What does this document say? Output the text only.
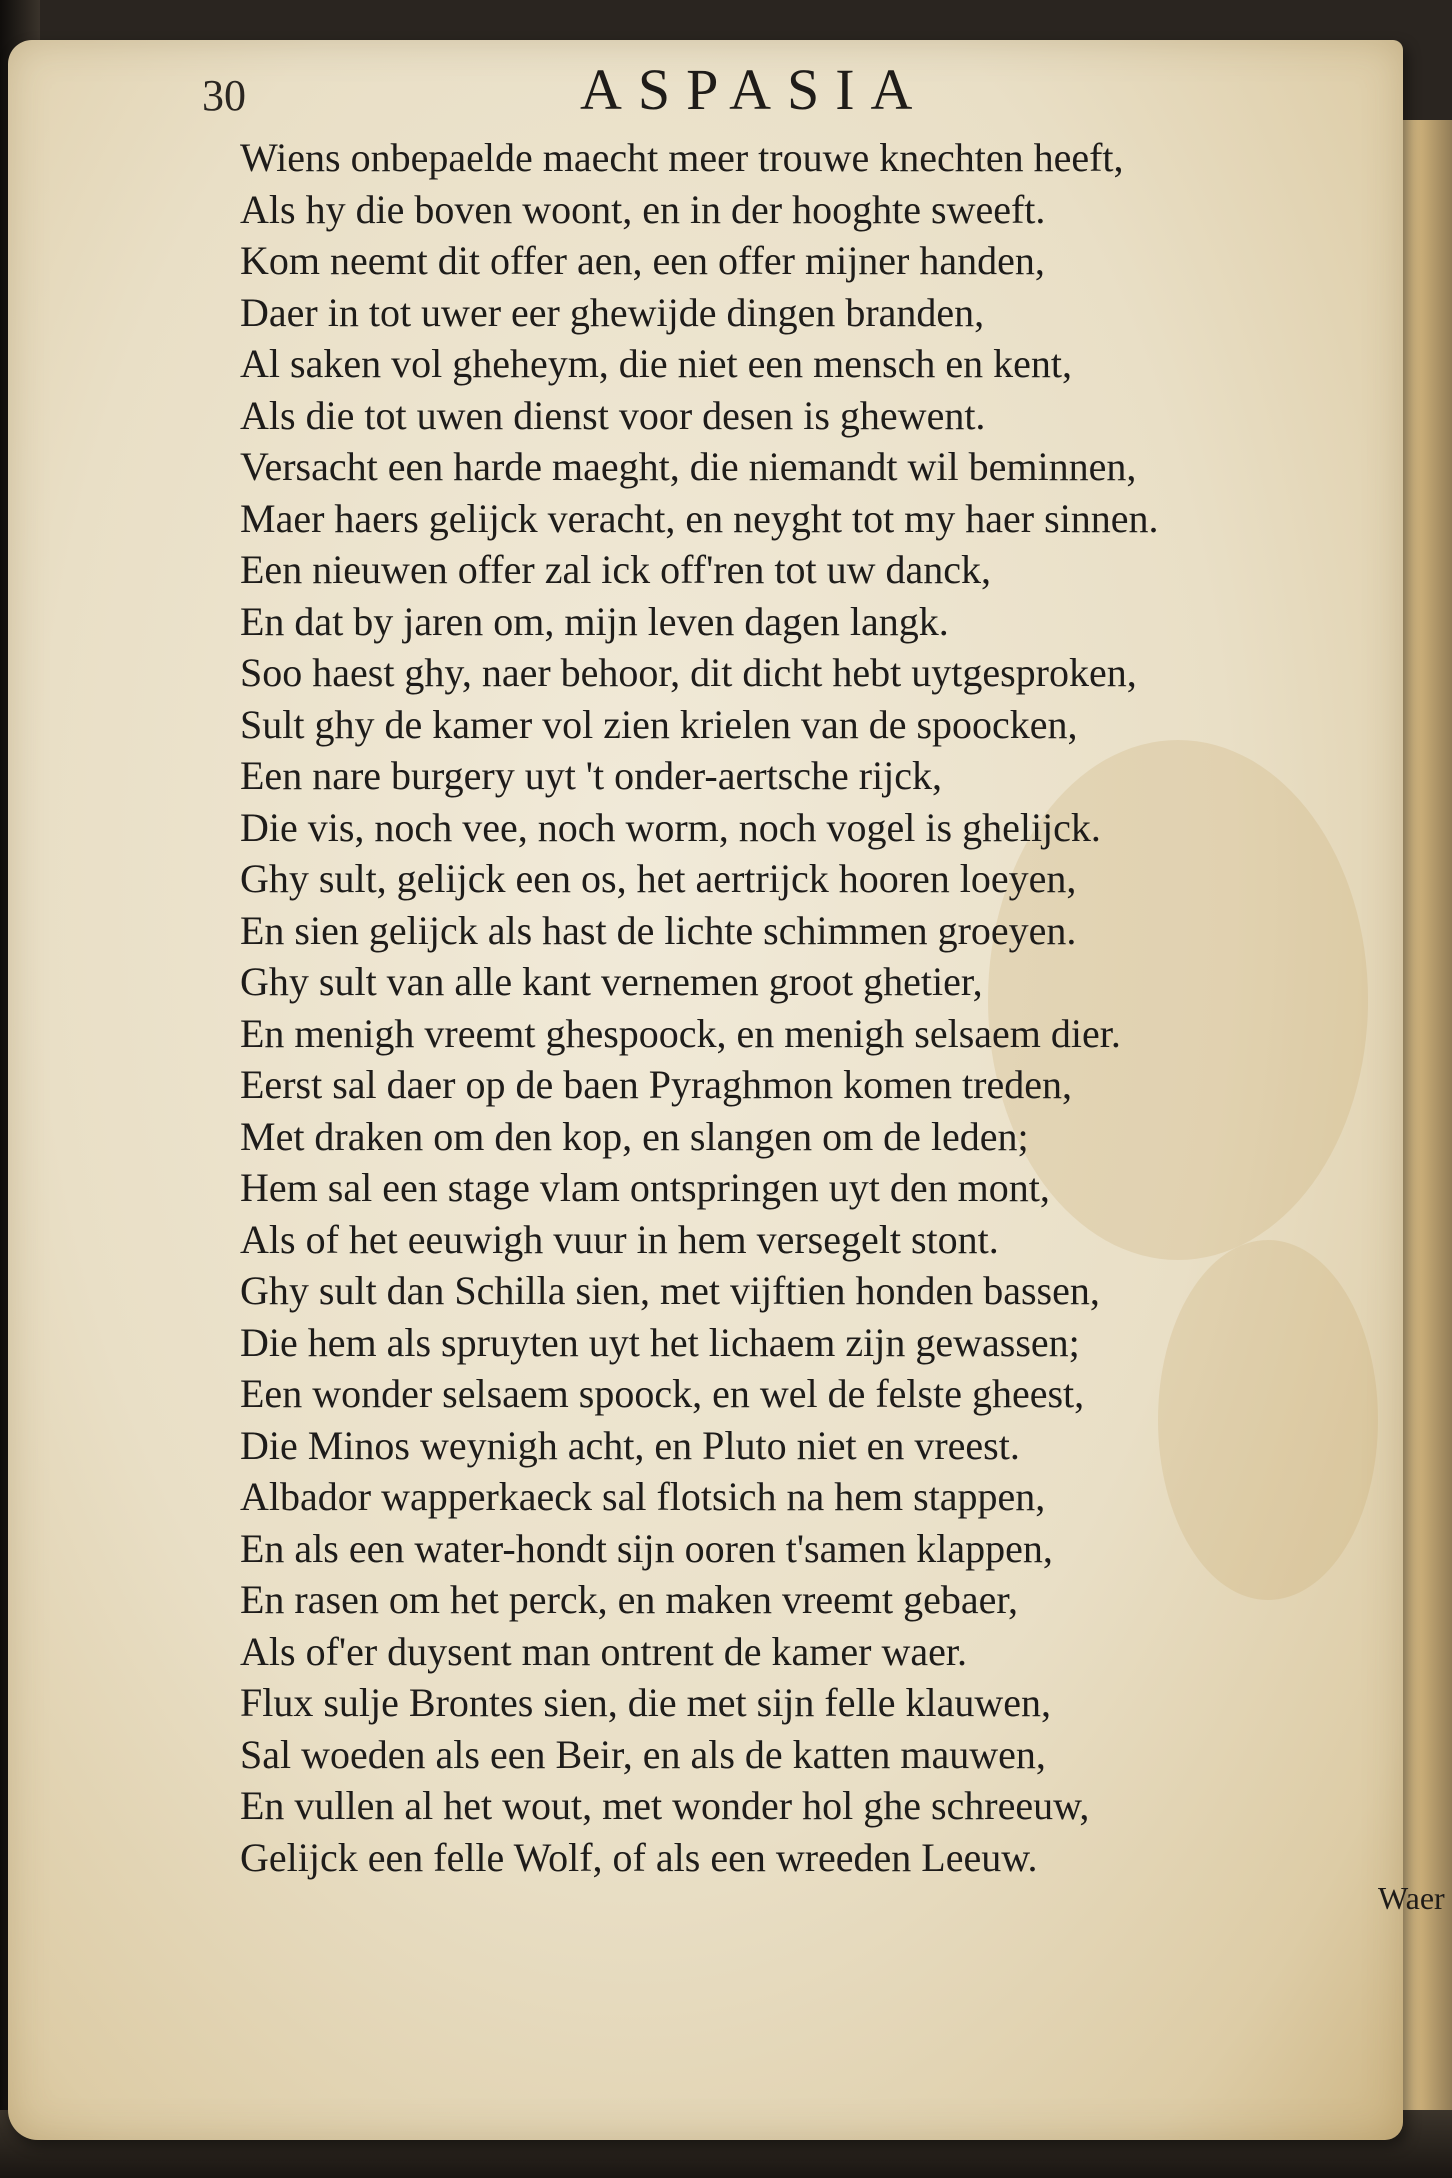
30	ASPASIA
Wiens onbepaelde maecht meer trouwe knechten heeft,
Als hy die boven woont, en in der hooghte sweeft.
Kom neemt dit offer aen, een offer mijner handen,
Daer in tot uwer eer ghewijde dingen branden,
Al saken vol gheheym, die niet een mensch en kent,
Als die tot uwen dienst voor desen is ghewent.
Versacht een harde maeght, die niemandt wil beminnen,
Maer haers gelijck veracht, en neyght tot my haer sinnen.
Een nieuwen offer zal ick off'ren tot uw danck,
En dat by jaren om, mijn leven dagen langk.
Soo haest ghy, naer behoor, dit dicht hebt uytgesproken,
Sult ghy de kamer vol zien krielen van de spoocken,
Een nare burgery uyt 't onder-aertsche rijck,
Die vis, noch vee, noch worm, noch vogel is ghelijck.
Ghy sult, gelijck een os, het aertrijck hooren loeyen,
En sien gelijck als hast de lichte schimmen groeyen.
Ghy sult van alle kant vernemen groot ghetier,
En menigh vreemt ghespoock, en menigh selsaem dier.
Eerst sal daer op de baen Pyraghmon komen treden,
Met draken om den kop, en slangen om de leden;
Hem sal een stage vlam ontspringen uyt den mont,
Als of het eeuwigh vuur in hem versegelt stont.
Ghy sult dan Schilla sien, met vijftien honden bassen,
Die hem als spruyten uyt het lichaem zijn gewassen;
Een wonder selsaem spoock, en wel de felste gheest,
Die Minos weynigh acht, en Pluto niet en vreest.
Albador wapperkaeck sal flotsich na hem stappen,
En als een water-hondt sijn ooren t'samen klappen,
En rasen om het perck, en maken vreemt gebaer,
Als of'er duysent man ontrent de kamer waer.
Flux sulje Brontes sien, die met sijn felle klauwen,
Sal woeden als een Beir, en als de katten mauwen,
En vullen al het wout, met wonder hol ghe schreeuw,
Gelijck een felle Wolf, of als een wreeden Leeuw.
Waer
